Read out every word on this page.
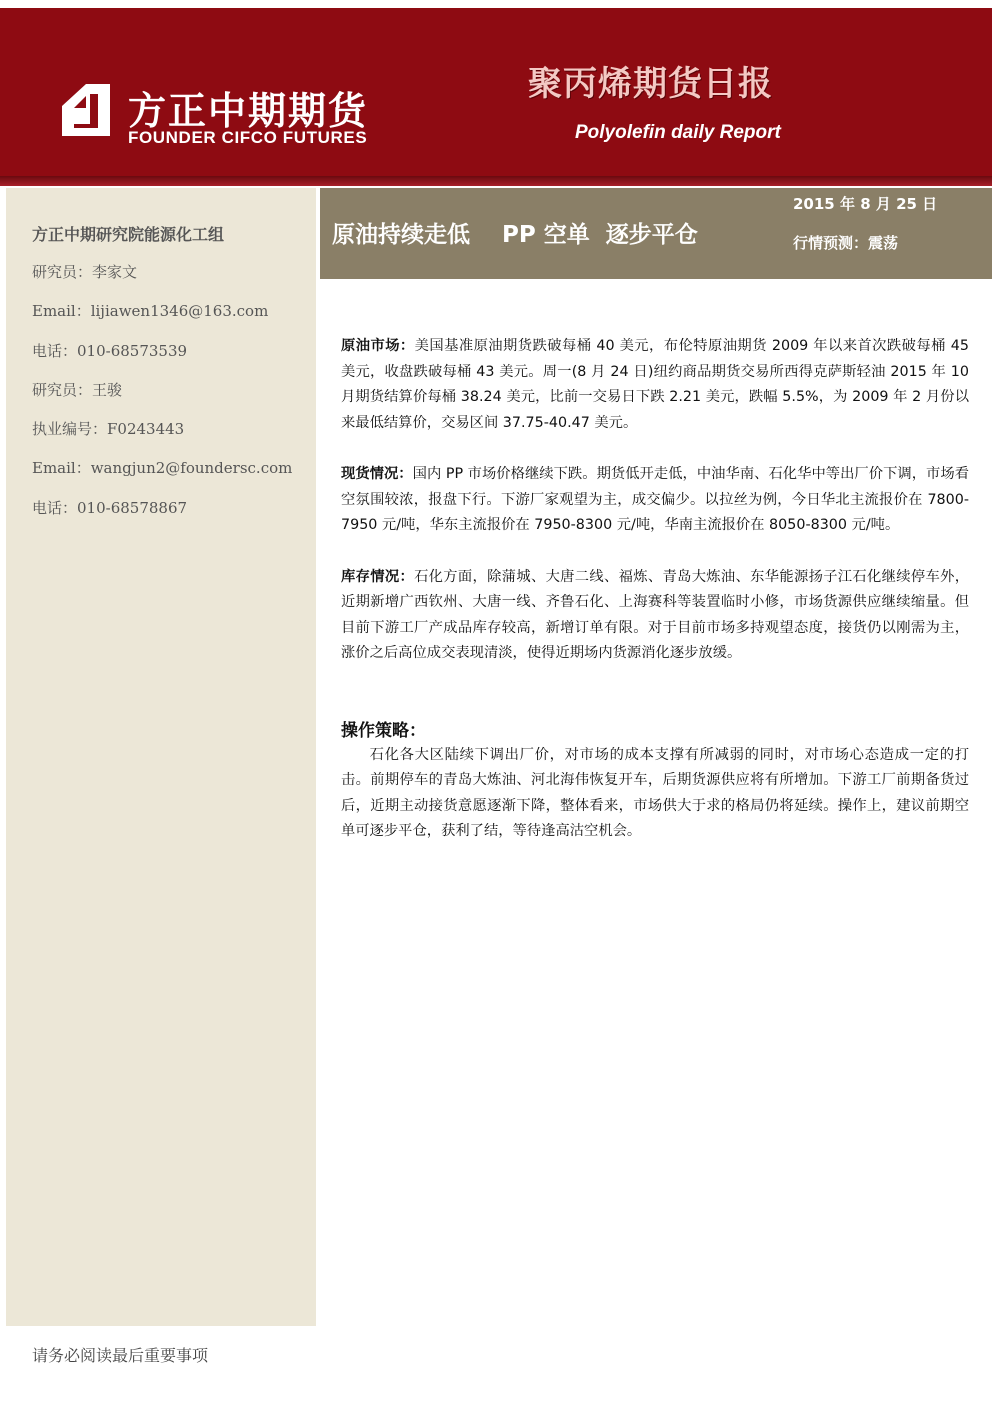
方正中期期货
FOUNDER CIFCO FUTURES
聚丙烯期货日报
Polyolefin daily Report
方正中期研究院能源化工组
研究员：李家文
Email：lijiawen1346@163.com
电话：010-68573539
研究员：王骏
执业编号：F0243443
Email：wangjun2@foundersc.com
电话：010-68578867
原油持续走低    PP 空单  逐步平仓
2015 年 8 月 25 日
行情预测：震荡

原油市场：美国基准原油期货跌破每桶 40 美元，布伦特原油期货 2009 年以来首次跌破每桶 45 美元，收盘跌破每桶 43 美元。周一(8 月 24 日)纽约商品期货交易所西得克萨斯轻油 2015 年 10 月期货结算价每桶 38.24 美元，比前一交易日下跌 2.21 美元，跌幅 5.5%，为 2009 年 2 月份以来最低结算价，交易区间 37.75-40.47 美元。

现货情况：国内 PP 市场价格继续下跌。期货低开走低，中油华南、石化华中等出厂价下调，市场看空氛围较浓，报盘下行。下游厂家观望为主，成交偏少。以拉丝为例，今日华北主流报价在 7800-7950 元/吨，华东主流报价在 7950-8300 元/吨，华南主流报价在 8050-8300 元/吨。

库存情况：石化方面，除蒲城、大唐二线、福炼、青岛大炼油、东华能源扬子江石化继续停车外，近期新增广西钦州、大唐一线、齐鲁石化、上海赛科等装置临时小修，市场货源供应继续缩量。但目前下游工厂产成品库存较高，新增订单有限。对于目前市场多持观望态度，接货仍以刚需为主，涨价之后高位成交表现清淡，使得近期场内货源消化逐步放缓。

操作策略：

石化各大区陆续下调出厂价，对市场的成本支撑有所减弱的同时，对市场心态造成一定的打击。前期停车的青岛大炼油、河北海伟恢复开车，后期货源供应将有所增加。下游工厂前期备货过后，近期主动接货意愿逐渐下降，整体看来，市场供大于求的格局仍将延续。操作上，建议前期空单可逐步平仓，获利了结，等待逢高沽空机会。

请务必阅读最后重要事项
